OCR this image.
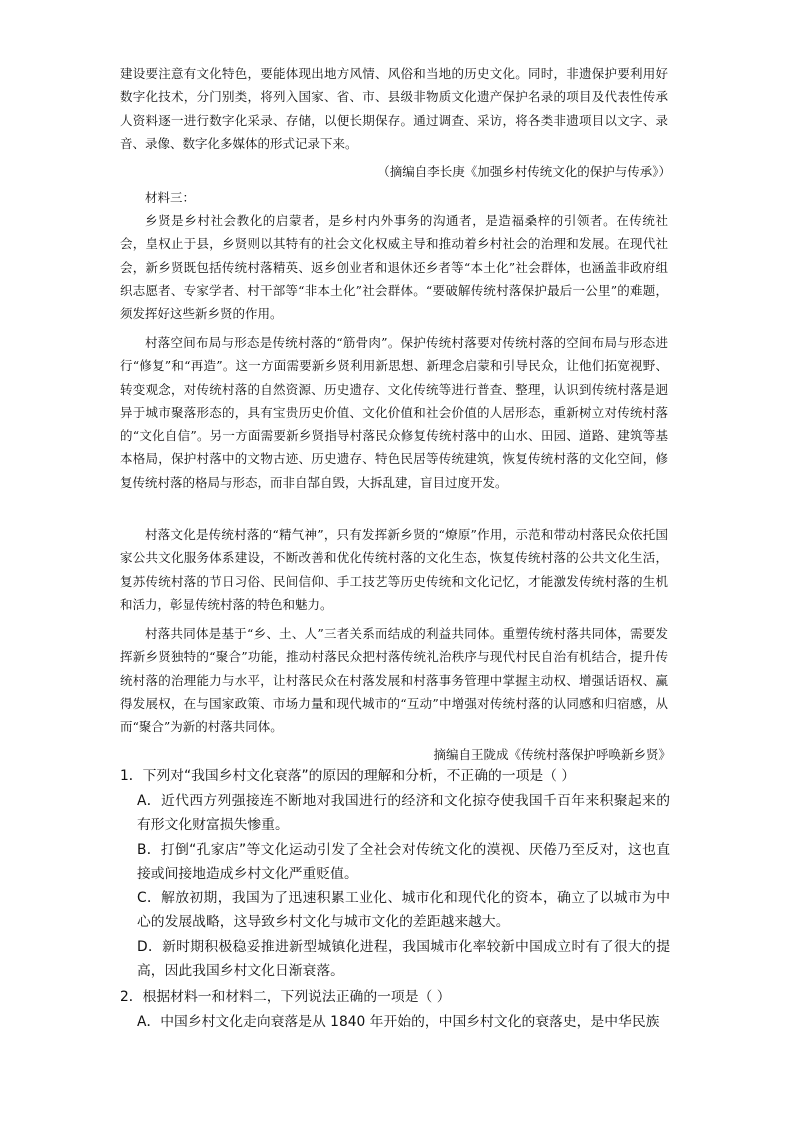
建设要注意有文化特色，要能体现出地方风情、风俗和当地的历史文化。同时，非遗保护要利用好数字化技术，分门别类，将列入国家、省、市、县级非物质文化遗产保护名录的项目及代表性传承人资料逐一进行数字化采录、存储，以便长期保存。通过调查、采访，将各类非遗项目以文字、录音、录像、数字化多媒体的形式记录下来。
（摘编自李长庚《加强乡村传统文化的保护与传承》）
材料三：
乡贤是乡村社会教化的启蒙者，是乡村内外事务的沟通者，是造福桑梓的引领者。在传统社会，皇权止于县，乡贤则以其特有的社会文化权威主导和推动着乡村社会的治理和发展。在现代社会，新乡贤既包括传统村落精英、返乡创业者和退休还乡者等“本土化”社会群体，也涵盖非政府组织志愿者、专家学者、村干部等“非本土化”社会群体。“要破解传统村落保护最后一公里”的难题，须发挥好这些新乡贤的作用。
村落空间布局与形态是传统村落的“筋骨肉”。保护传统村落要对传统村落的空间布局与形态进行“修复”和“再造”。这一方面需要新乡贤利用新思想、新理念启蒙和引导民众，让他们拓宽视野、转变观念，对传统村落的自然资源、历史遗存、文化传统等进行普查、整理，认识到传统村落是迥异于城市聚落形态的，具有宝贵历史价值、文化价值和社会价值的人居形态，重新树立对传统村落的“文化自信”。另一方面需要新乡贤指导村落民众修复传统村落中的山水、田园、道路、建筑等基本格局，保护村落中的文物古迹、历史遗存、特色民居等传统建筑，恢复传统村落的文化空间，修复传统村落的格局与形态，而非自郜自毁，大拆乱建，盲目过度开发。
村落文化是传统村落的“精气神”，只有发挥新乡贤的“燎原”作用，示范和带动村落民众依托国家公共文化服务体系建设，不断改善和优化传统村落的文化生态，恢复传统村落的公共文化生活，复苏传统村落的节日习俗、民间信仰、手工技艺等历史传统和文化记忆，才能激发传统村落的生机和活力，彰显传统村落的特色和魅力。
村落共同体是基于“乡、土、人”三者关系而结成的利益共同体。重塑传统村落共同体，需要发挥新乡贤独特的“聚合”功能，推动村落民众把村落传统礼治秩序与现代村民自治有机结合，提升传统村落的治理能力与水平，让村落民众在村落发展和村落事务管理中掌握主动权、增强话语权、赢得发展权，在与国家政策、市场力量和现代城市的“互动”中增强对传统村落的认同感和归宿感，从而“聚合”为新的村落共同体。
摘编自王陇成《传统村落保护呼唤新乡贤》
1．下列对“我国乡村文化衰落”的原因的理解和分析，不正确的一项是（ ）
A．近代西方列强接连不断地对我国进行的经济和文化掠夺使我国千百年来积聚起来的有形文化财富损失惨重。
B．打倒“孔家店”等文化运动引发了全社会对传统文化的漠视、厌倦乃至反对，这也直接或间接地造成乡村文化严重贬值。
C．解放初期，我国为了迅速积累工业化、城市化和现代化的资本，确立了以城市为中心的发展战略，这导致乡村文化与城市文化的差距越来越大。
D．新时期积极稳妥推进新型城镇化进程，我国城市化率较新中国成立时有了很大的提高，因此我国乡村文化日渐衰落。
2．根据材料一和材料二，下列说法正确的一项是（ ）
A．中国乡村文化走向衰落是从 1840 年开始的，中国乡村文化的衰落史，是中华民族
